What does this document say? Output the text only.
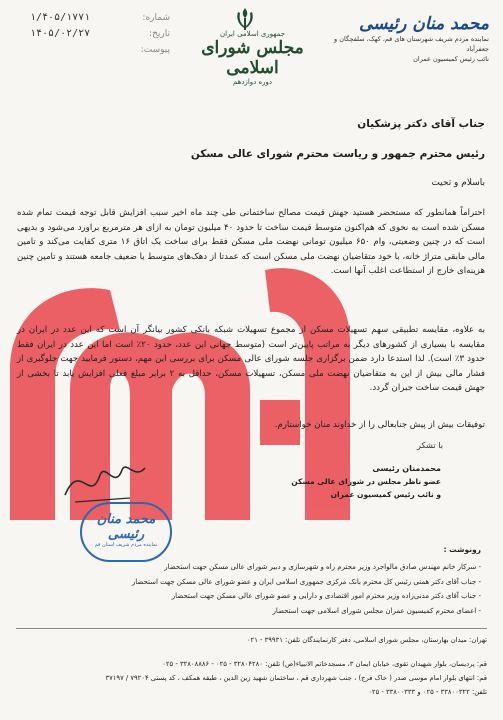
شماره:
۱/۴۰۵/۱۷۷۱
تاریخ:
۱۴۰۵/۰۲/۲۷
پیوست:
جمهوری اسلامی ایران
مجلس شورای اسلامی
دوره دوازدهم
محمد منان رئیسی
نماینده مردم شریف شهرستان های قم، کهک، سلفچگان و جعفرآباد
نائب رئیس کمیسیون عمران
جناب آقای دکتر پزشکیان
رئیس محترم جمهور و ریاست محترم شورای عالی مسکن
باسلام و تحیت
احتراماً همانطور که مستحضر هستید جهش قیمت مصالح ساختمانی طی چند ماه اخیر سبب افزایش قابل توجه قیمت تمام شده مسکن شده است به نحوی که هم‌اکنون متوسط قیمت ساخت تا حدود ۴۰ میلیون تومان به ازای هر مترمربع براورد می‌شود و بدیهی است که در چنین وضعیتی، وام ۶۵۰ میلیون تومانی نهضت ملی مسکن فقط برای ساخت یک اتاق ۱۶ متری کفایت می‌کند و تامین مالی مابقی متراژ خانه، با خود متقاضیان نهضت ملی مسکن است که عمدتا از دهک‌های متوسط یا ضعیف جامعه هستند و تامین چنین هزینه‌ای خارج از استطاعت اغلب آنها است.
به علاوه، مقایسه تطبیقی سهم تسهیلات مسکن از مجموع تسهیلات شبکه بانکی کشور بیانگر آن است که این عدد در ایران در مقایسه با بسیاری از کشورهای دیگر به مراتب پایین‌تر است (متوسط جهانی این عدد، حدود ۲۰٪ است اما این عدد در ایران فقط حدود ۳٪ است). لذا استدعا دارد ضمن برگزاری جلسه شورای عالی مسکن برای بررسی این مهم، دستور فرمایید جهت جلوگیری از فشار مالی بیش از این به متقاضیان نهضت ملی مسکن، تسهیلات مسکن، حداقل به ۲ برابر مبلغ فعلی افزایش یابد تا بخشی از جهش قیمت ساخت جبران گردد.
توفیقات بیش از پیش جنابعالی را از خداوند منان خواستارم.
با تشکر
محمدمنان رئیسی
عضو ناظر مجلس در شورای عالی مسکن
و نائب رئیس کمیسیون عمران
محمد منان رئیسی
نماینده مردم شریف استان قم	رونوشت :
- سرکار خانم مهندس صادق مالواجرد وزیر محترم راه و شهرسازی و دبیر شورای عالی مسکن جهت استحضار
- جناب آقای دکتر همتی رئیس کل محترم بانک مرکزی جمهوری اسلامی ایران و عضو شورای عالی مسکن جهت استحضار
- جناب آقای دکتر مدنی‌زاده وزیر محترم امور اقتصادی و دارایی و عضو شورای عالی مسکن جهت استحضار
- اعضای محترم کمیسیون عمران مجلس شورای اسلامی جهت استحضار
تهران: میدان بهارستان، مجلس شورای اسلامی، دفتر کارنمایندگان تلفن: ۳۹۹۳۱ - ۰۲۱
قم: پردیسان، بلوار شهیدان تقوی، خیابان ایمان ۳، مسجدخاتم الانبیاء(ص) تلفن: ۳۲۸۰۴۲۸۰ - ۰۲۵ - ۳۲۸۰۸۸۸۶ - ۰۲۵
قم: انتهای بلوار امام موسی صدر ( خاک فرج) ، جنب شهرداری قم ، ساختمان شهید زین الدین ، طبقه همکف ، کد پستی ۷۹۲۰۴ / ۳۷۱۹۷
تلفن: ۳۳۸۰۰۳۲۲ - ۰۲۵ و ۳۳۸۰۰۳۳۳ - ۰۲۵
